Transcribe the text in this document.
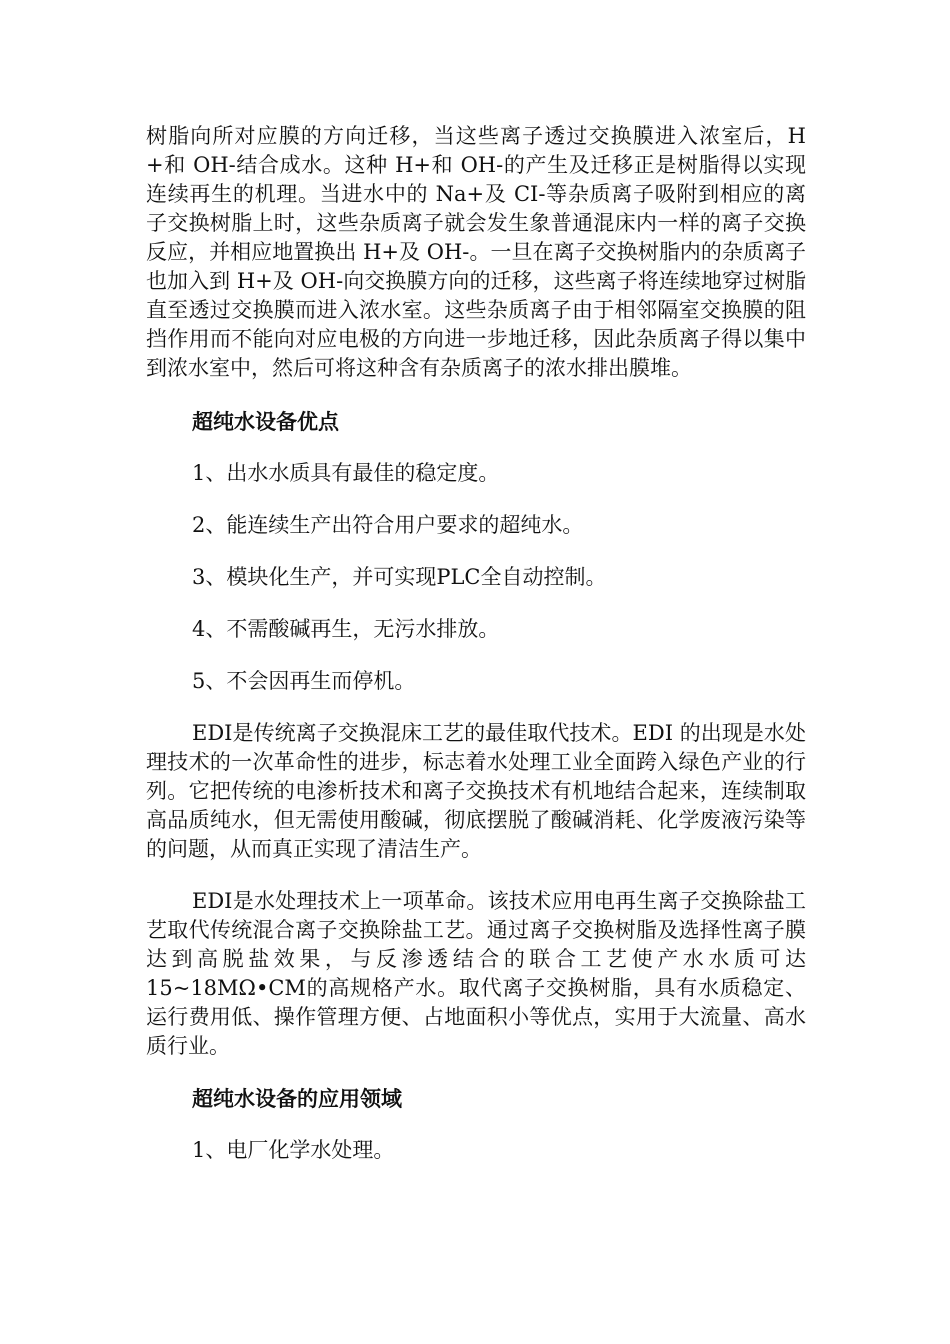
树脂向所对应膜的方向迁移，当这些离子透过交换膜进入浓室后，H +和 OH-结合成水。这种 H+和 OH-的产生及迁移正是树脂得以实现连续再生的机理。当进水中的 Na+及 CI-等杂质离子吸附到相应的离子交换树脂上时，这些杂质离子就会发生象普通混床内一样的离子交换反应，并相应地置换出 H+及 OH-。一旦在离子交换树脂内的杂质离子也加入到 H+及 OH-向交换膜方向的迁移，这些离子将连续地穿过树脂直至透过交换膜而进入浓水室。这些杂质离子由于相邻隔室交换膜的阻挡作用而不能向对应电极的方向进一步地迁移，因此杂质离子得以集中到浓水室中，然后可将这种含有杂质离子的浓水排出膜堆。

超纯水设备优点

1、出水水质具有最佳的稳定度。

2、能连续生产出符合用户要求的超纯水。

3、模块化生产，并可实现PLC全自动控制。

4、不需酸碱再生，无污水排放。

5、不会因再生而停机。

EDI是传统离子交换混床工艺的最佳取代技术。EDI 的出现是水处理技术的一次革命性的进步，标志着水处理工业全面跨入绿色产业的行列。它把传统的电渗析技术和离子交换技术有机地结合起来，连续制取高品质纯水，但无需使用酸碱，彻底摆脱了酸碱消耗、化学废液污染等的问题，从而真正实现了清洁生产。

EDI是水处理技术上一项革命。该技术应用电再生离子交换除盐工艺取代传统混合离子交换除盐工艺。通过离子交换树脂及选择性离子膜达到高脱盐效果，与反渗透结合的联合工艺使产水水质可达15~18MΩ•CM的高规格产水。取代离子交换树脂，具有水质稳定、运行费用低、操作管理方便、占地面积小等优点，实用于大流量、高水质行业。

超纯水设备的应用领域

1、电厂化学水处理。
